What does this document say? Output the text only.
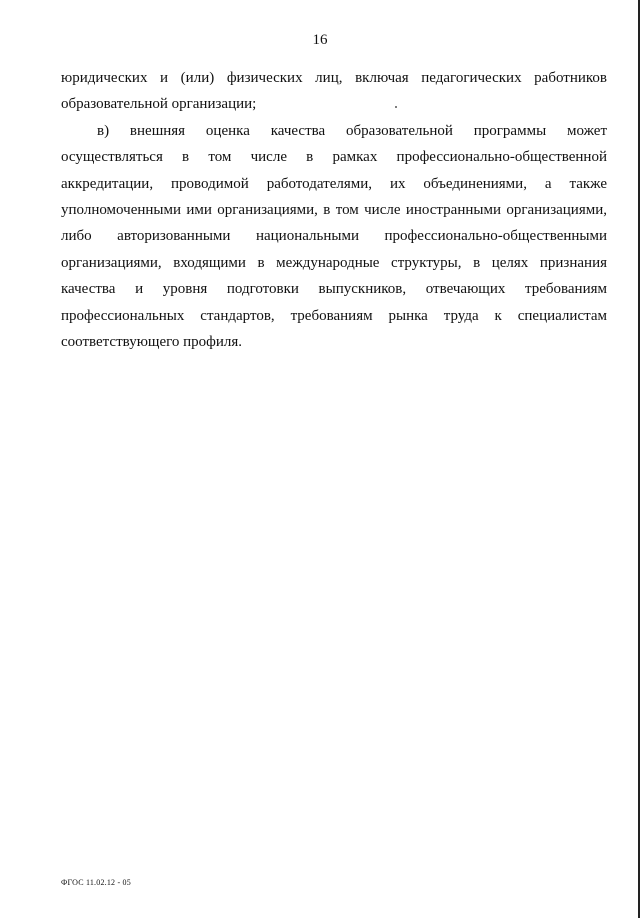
16
юридических и (или) физических лиц, включая педагогических работников
образовательной организации;
в) внешняя оценка качества образовательной программы может
осуществляться в том числе в рамках профессионально-общественной
аккредитации, проводимой работодателями, их объединениями, а также
уполномоченными ими организациями, в том числе иностранными организациями,
либо авторизованными национальными профессионально-общественными
организациями, входящими в международные структуры, в целях признания
качества и уровня подготовки выпускников, отвечающих требованиям
профессиональных стандартов, требованиям рынка труда к специалистам
соответствующего профиля.
ФГОС 11.02.12 - 05
